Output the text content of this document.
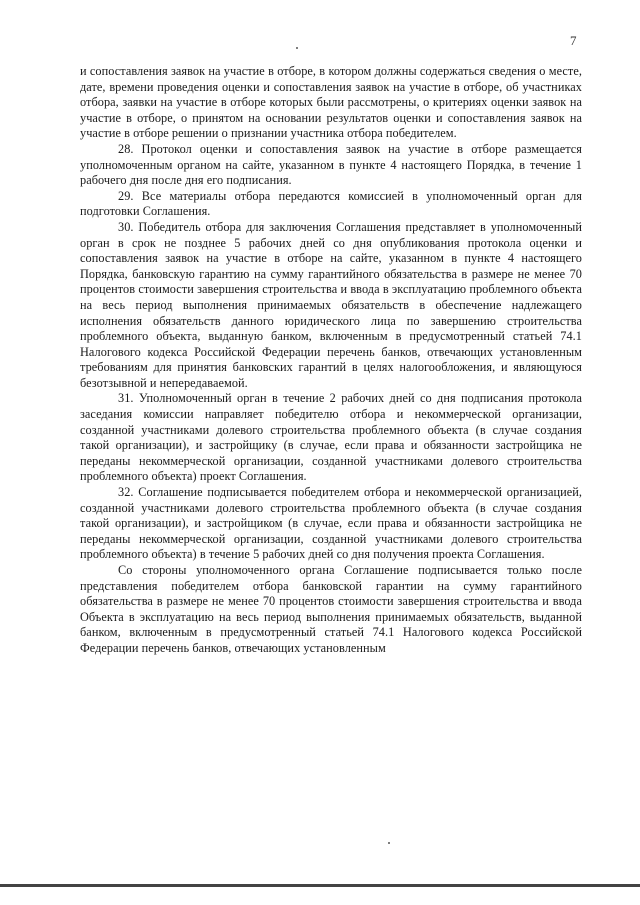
7

и сопоставления заявок на участие в отборе, в котором должны содержаться сведения о месте, дате, времени проведения оценки и сопоставления заявок на участие в отборе, об участниках отбора, заявки на участие в отборе которых были рассмотрены, о критериях оценки заявок на участие в отборе, о принятом на основании результатов оценки и сопоставления заявок на участие в отборе решении о признании участника отбора победителем.

28. Протокол оценки и сопоставления заявок на участие в отборе размещается уполномоченным органом на сайте, указанном в пункте 4 настоящего Порядка, в течение 1 рабочего дня после дня его подписания.

29. Все материалы отбора передаются комиссией в уполномоченный орган для подготовки Соглашения.

30. Победитель отбора для заключения Соглашения представляет в уполномоченный орган в срок не позднее 5 рабочих дней со дня опубликования протокола оценки и сопоставления заявок на участие в отборе на сайте, указанном в пункте 4 настоящего Порядка, банковскую гарантию на сумму гарантийного обязательства в размере не менее 70 процентов стоимости завершения строительства и ввода в эксплуатацию проблемного объекта на весь период выполнения принимаемых обязательств в обеспечение надлежащего исполнения обязательств данного юридического лица по завершению строительства проблемного объекта, выданную банком, включенным в предусмотренный статьей 74.1 Налогового кодекса Российской Федерации перечень банков, отвечающих установленным требованиям для принятия банковских гарантий в целях налогообложения, и являющуюся безотзывной и непередаваемой.

31. Уполномоченный орган в течение 2 рабочих дней со дня подписания протокола заседания комиссии направляет победителю отбора и некоммерческой организации, созданной участниками долевого строительства проблемного объекта (в случае создания такой организации), и застройщику (в случае, если права и обязанности застройщика не переданы некоммерческой организации, созданной участниками долевого строительства проблемного объекта) проект Соглашения.

32. Соглашение подписывается победителем отбора и некоммерческой организацией, созданной участниками долевого строительства проблемного объекта (в случае создания такой организации), и застройщиком (в случае, если права и обязанности застройщика не переданы некоммерческой организации, созданной участниками долевого строительства проблемного объекта) в течение 5 рабочих дней со дня получения проекта Соглашения.

Со стороны уполномоченного органа Соглашение подписывается только после представления победителем отбора банковской гарантии на сумму гарантийного обязательства в размере не менее 70 процентов стоимости завершения строительства и ввода Объекта в эксплуатацию на весь период выполнения принимаемых обязательств, выданной банком, включенным в предусмотренный статьей 74.1 Налогового кодекса Российской Федерации перечень банков, отвечающих установленным
